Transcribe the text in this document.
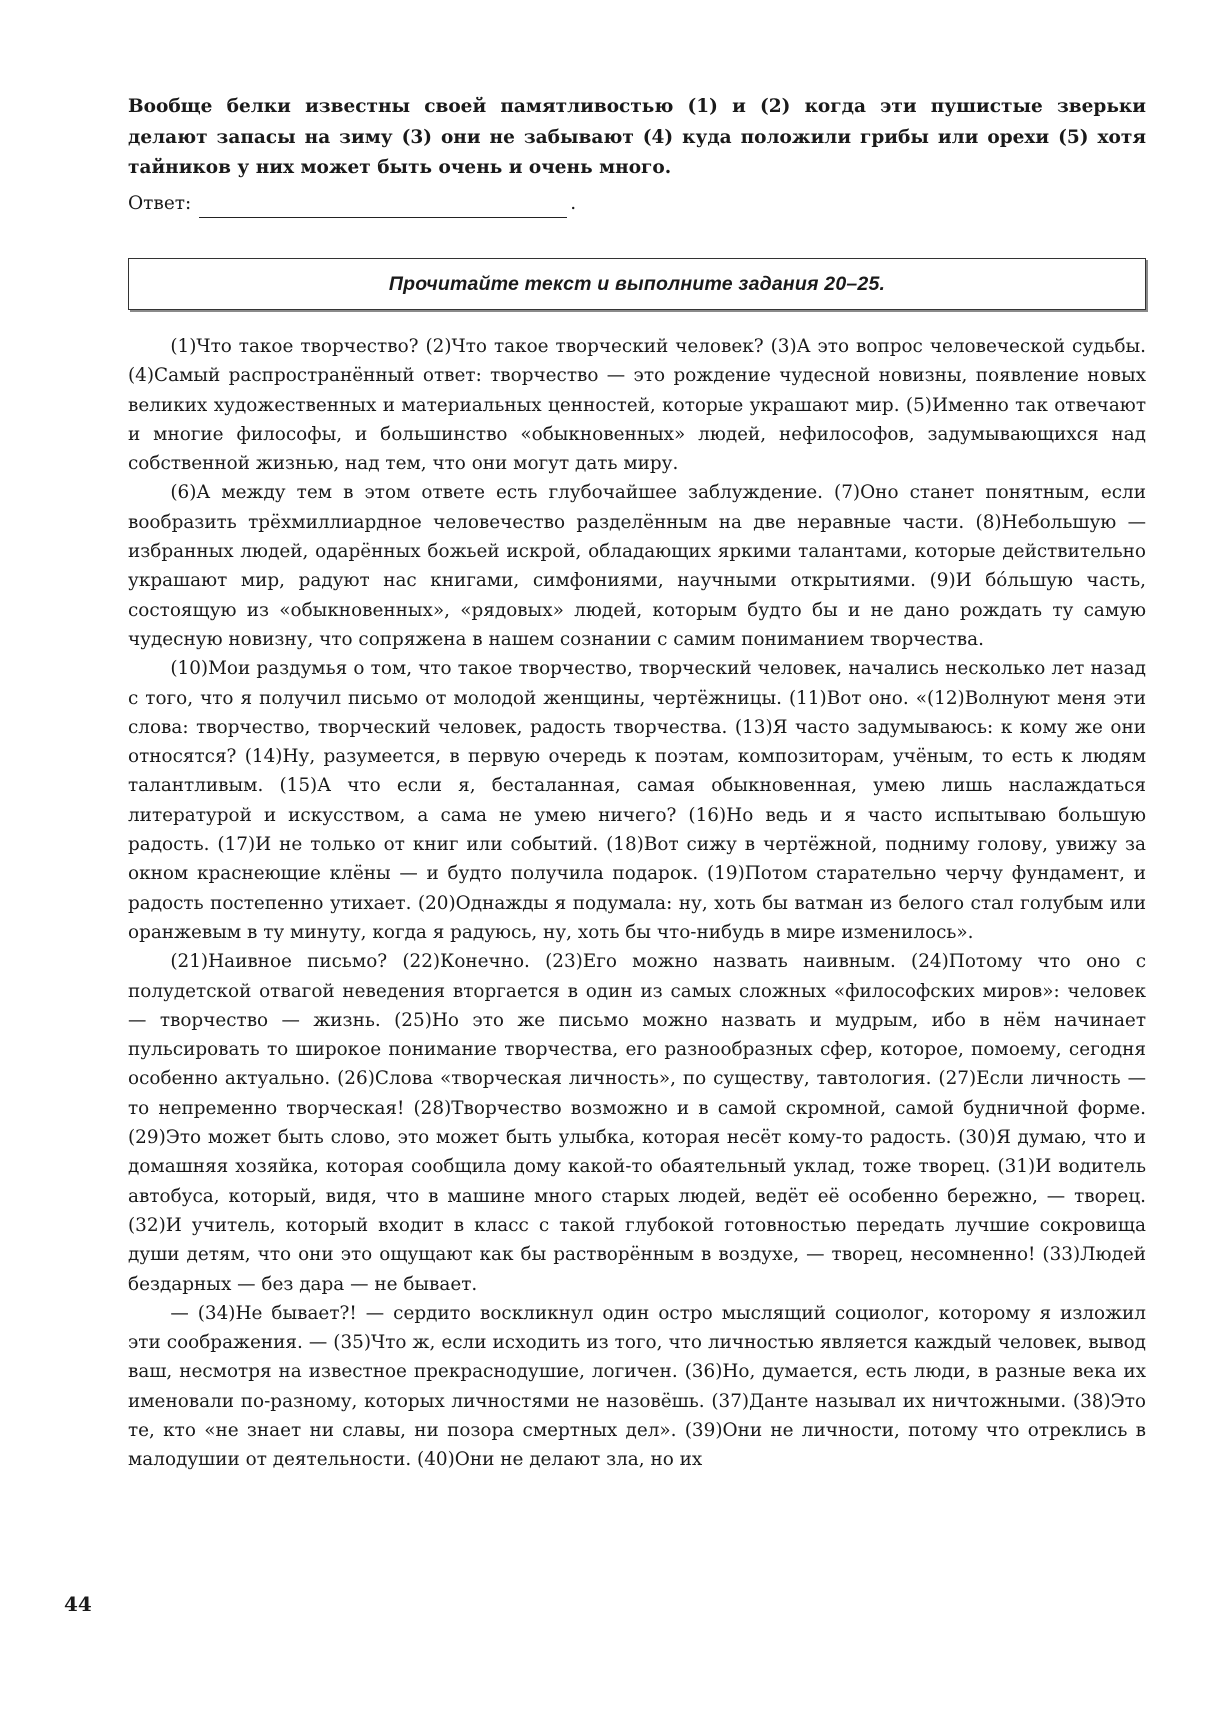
Вообще белки известны своей памятливостью (1) и (2) когда эти пушистые зверьки делают запасы на зиму (3) они не забывают (4) куда положили грибы или орехи (5) хотя тайников у них может быть очень и очень много.
Ответ:	.
Прочитайте текст и выполните задания 20–25.

(1)Что такое творчество? (2)Что такое творческий человек? (3)А это вопрос человеческой судьбы. (4)Самый распространённый ответ: творчество — это рождение чудесной новизны, появление новых великих художественных и материальных ценностей, которые украшают мир. (5)Именно так отвечают и многие философы, и большинство «обыкновенных» людей, нефилософов, задумывающихся над собственной жизнью, над тем, что они могут дать миру.

(6)А между тем в этом ответе есть глубочайшее заблуждение. (7)Оно станет понятным, если вообразить трёхмиллиардное человечество разделённым на две неравные части. (8)Небольшую — избранных людей, одарённых божьей искрой, обладающих яркими талантами, которые действительно украшают мир, радуют нас книгами, симфониями, научными открытиями. (9)И бо́льшую часть, состоящую из «обыкновенных», «рядовых» людей, которым будто бы и не дано рождать ту самую чудесную новизну, что сопряжена в нашем сознании с самим пониманием творчества.

(10)Мои раздумья о том, что такое творчество, творческий человек, начались несколько лет назад с того, что я получил письмо от молодой женщины, чертёжницы. (11)Вот оно. «(12)Волнуют меня эти слова: творчество, творческий человек, радость творчества. (13)Я часто задумываюсь: к кому же они относятся? (14)Ну, разумеется, в первую очередь к поэтам, композиторам, учёным, то есть к людям талантливым. (15)А что если я, бесталанная, самая обыкновенная, умею лишь наслаждаться литературой и искусством, а сама не умею ничего? (16)Но ведь и я часто испытываю большую радость. (17)И не только от книг или событий. (18)Вот сижу в чертёжной, подниму голову, увижу за окном краснеющие клёны — и будто получила подарок. (19)Потом старательно черчу фундамент, и радость постепенно утихает. (20)Однажды я подумала: ну, хоть бы ватман из белого стал голубым или оранжевым в ту минуту, когда я радуюсь, ну, хоть бы что-нибудь в мире изменилось».

(21)Наивное письмо? (22)Конечно. (23)Его можно назвать наивным. (24)Потому что оно с полудетской отвагой неведения вторгается в один из самых сложных «философских миров»: человек — творчество — жизнь. (25)Но это же письмо можно назвать и мудрым, ибо в нём начинает пульсировать то широкое понимание творчества, его разнообразных сфер, которое, помоему, сегодня особенно актуально. (26)Слова «творческая личность», по существу, тавтология. (27)Если личность — то непременно творческая! (28)Творчество возможно и в самой скромной, самой будничной форме. (29)Это может быть слово, это может быть улыбка, которая несёт кому-то радость. (30)Я думаю, что и домашняя хозяйка, которая сообщила дому какой-то обаятельный уклад, тоже творец. (31)И водитель автобуса, который, видя, что в машине много старых людей, ведёт её особенно бережно, — творец. (32)И учитель, который входит в класс с такой глубокой готовностью передать лучшие сокровища души детям, что они это ощущают как бы растворённым в воздухе, — творец, несомненно! (33)Людей бездарных — без дара — не бывает.

— (34)Не бывает?! — сердито воскликнул один остро мыслящий социолог, которому я изложил эти соображения. — (35)Что ж, если исходить из того, что личностью является каждый человек, вывод ваш, несмотря на известное прекраснодушие, логичен. (36)Но, думается, есть люди, в разные века их именовали по-разному, которых личностями не назовёшь. (37)Данте называл их ничтожными. (38)Это те, кто «не знает ни славы, ни позора смертных дел». (39)Они не личности, потому что отреклись в малодушии от деятельности. (40)Они не делают зла, но их

44
